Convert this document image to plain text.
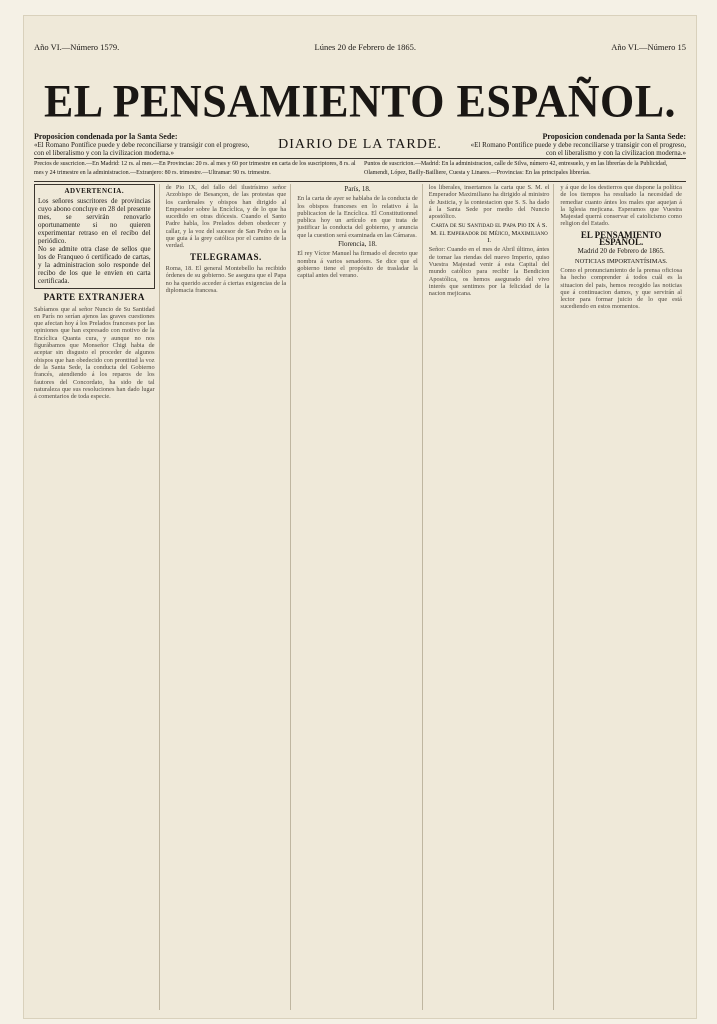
Año VI.—Número 1579.	Lúnes 20 de Febrero de 1865.	Año VI.—Número 15
EL PENSAMIENTO ESPAÑOL.
Proposicion condenada por la Santa Sede:
«El Romano Pontífice puede y debe reconciliarse y transigir con el progreso, con el liberalismo y con la civilizacion moderna.»
DIARIO DE LA TARDE.	Proposicion condenada por la Santa Sede:
«El Romano Pontífice puede y debe reconciliarse y transigir con el progreso, con el liberalismo y con la civilizacion moderna.»
Precios de suscricion.—En Madrid: 12 rs. al mes.—En Provincias: 20 rs. al mes y 60 por trimestre en carta de los suscriptores, 8 rs. al mes y 24 trimestre en la administracion.—Extranjero: 80 rs. trimestre.—Ultramar: 90 rs. trimestre.
Puntos de suscricion.—Madrid: En la administracion, calle de Silva, número 42, entresuelo, y en las librerías de la Publicidad, Olamendi, López, Bailly-Bailliere, Cuesta y Linares.—Provincias: En las principales librerías.
ADVERTENCIA.

Los señores suscritores de provincias cuyo abono concluye en 28 del presente mes, se servirán renovarlo oportunamente si no quieren experimentar retraso en el recibo del periódico.

No se admite otra clase de sellos que los de Franqueo ó certificado de cartas, y la administracion solo responde del recibo de los que le envíen en carta certificada.

PARTE EXTRANJERA
Sabíamos que al señor Nuncio de Su Santidad en París no serían ajenos las graves cuestiones que afectan hoy á los Prelados franceses por las opiniones que han expresado con motivo de la Encíclica Quanta cura, y aunque no nos figurábamos que Monseñor Chigi habia de aceptar sin disgusto el proceder de algunos obispos que han obedecido con prontitud la voz de la Santa Sede, la conducta del Gobierno francés, atendiendo á los reparos de los fautores del Concordato, ha sido de tal naturaleza que sus resoluciones han dado lugar á comentarios de toda especie.
de Pio IX, del fallo del ilustrísimo señor Arzobispo de Besançon, de las protestas que los cardenales y obispos han dirigido al Emperador sobre la Encíclica, y de lo que ha sucedido en otras diócesis. Cuando el Santo Padre habla, los Prelados deben obedecer y callar, y la voz del sucesor de San Pedro es la que guia á la grey católica por el camino de la verdad.
TELEGRAMAS.
Roma, 18. El general Montebello ha recibido órdenes de su gobierno. Se asegura que el Papa no ha querido acceder á ciertas exigencias de la diplomacia francesa.
París, 18.
En la carta de ayer se hablaba de la conducta de los obispos franceses en lo relativo á la publicacion de la Encíclica. El Constitutionnel publica hoy un artículo en que trata de justificar la conducta del gobierno, y anuncia que la cuestion será examinada en las Cámaras.
Florencia, 18.
El rey Víctor Manuel ha firmado el decreto que nombra á varios senadores. Se dice que el gobierno tiene el propósito de trasladar la capital antes del verano.
los liberales, insertamos la carta que S. M. el Emperador Maximiliano ha dirigido al ministro de Justicia, y la contestacion que S. S. ha dado á la Santa Sede por medio del Nuncio apostólico.
Carta de Su Santidad el Papa Pio IX á S. M. el Emperador de Méjico, Maximiliano I.
Señor: Cuando en el mes de Abril último, ántes de tomar las riendas del nuevo Imperio, quiso Vuestra Majestad venir á esta Capital del mundo católico para recibir la Bendicion Apostólica, os hemos asegurado del vivo interés que sentimos por la felicidad de la nacion mejicana.
y á que de los destierros que dispone la política de los tiempos ha resultado la necesidad de remediar cuanto ántes los males que aquejan á la Iglesia mejicana. Esperamos que Vuestra Majestad querrá conservar el catolicismo como religion del Estado.
EL PENSAMIENTO ESPAÑOL.
Madrid 20 de Febrero de 1865.
NOTICIAS IMPORTANTÍSIMAS.
Como el pronunciamiento de la prensa oficiosa ha hecho comprender á todos cuál es la situacion del pais, hemos recogido las noticias que á continuacion damos, y que servirán al lector para formar juicio de lo que está sucediendo en estos momentos.
